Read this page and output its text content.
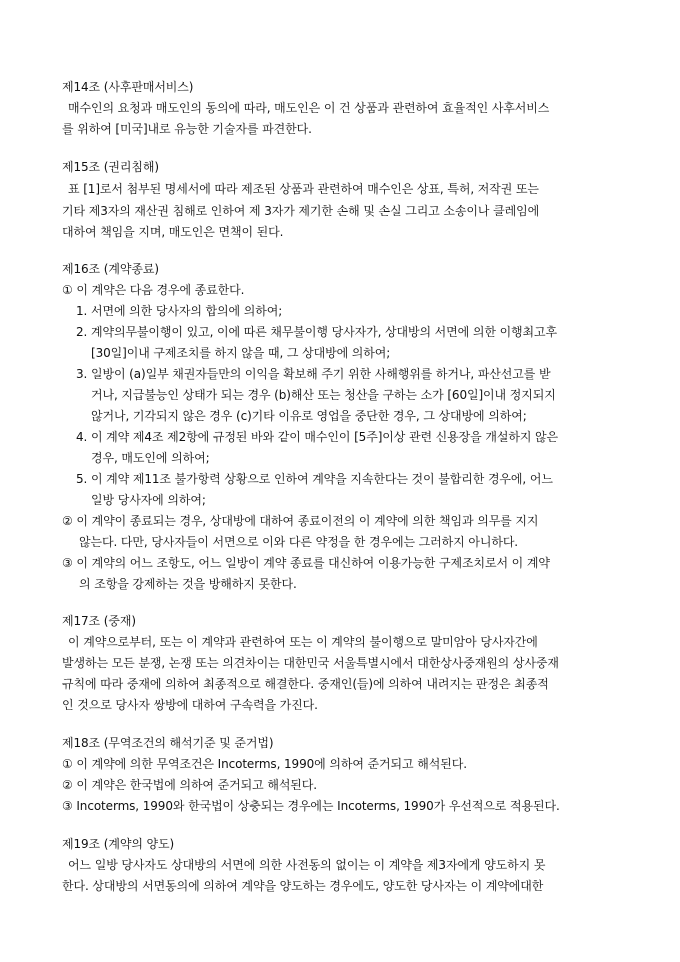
제14조 (사후판매서비스)
매수인의 요청과 매도인의 동의에 따라, 매도인은 이 건 상품과 관련하여 효율적인 사후서비스
를 위하여 [미국]내로 유능한 기술자를 파견한다.
제15조 (권리침해)
표 [1]로서 첨부된 명세서에 따라 제조된 상품과 관련하여 매수인은 상표, 특허, 저작권 또는
기타 제3자의 재산권 침해로 인하여 제 3자가 제기한 손해 및 손실 그리고 소송이나 클레임에
대하여 책임을 지며, 매도인은 면책이 된다.
제16조 (계약종료)
① 이 계약은 다음 경우에 종료한다.
1. 서면에 의한 당사자의 합의에 의하여;
2. 계약의무불이행이 있고, 이에 따른 채무불이행 당사자가, 상대방의 서면에 의한 이행최고후
[30일]이내 구제조치를 하지 않을 때, 그 상대방에 의하여;
3. 일방이 (a)일부 채권자들만의 이익을 확보해 주기 위한 사해행위를 하거나, 파산선고를 받
거나, 지급불능인 상태가 되는 경우 (b)해산 또는 청산을 구하는 소가 [60일]이내 정지되지
않거나, 기각되지 않은 경우 (c)기타 이유로 영업을 중단한 경우, 그 상대방에 의하여;
4. 이 계약 제4조 제2항에 규정된 바와 같이 매수인이 [5주]이상 관련 신용장을 개설하지 않은
경우, 매도인에 의하여;
5. 이 계약 제11조 불가항력 상황으로 인하여 계약을 지속한다는 것이 불합리한 경우에, 어느
일방 당사자에 의하여;
② 이 계약이 종료되는 경우, 상대방에 대하여 종료이전의 이 계약에 의한 책임과 의무를 지지
않는다. 다만, 당사자들이 서면으로 이와 다른 약정을 한 경우에는 그러하지 아니하다.
③ 이 계약의 어느 조항도, 어느 일방이 계약 종료를 대신하여 이용가능한 구제조치로서 이 계약
의 조항을 강제하는 것을 방해하지 못한다.
제17조 (중재)
이 계약으로부터, 또는 이 계약과 관련하여 또는 이 계약의 불이행으로 말미암아 당사자간에
발생하는 모든 분쟁, 논쟁 또는 의견차이는 대한민국 서울특별시에서 대한상사중재원의 상사중재
규칙에 따라 중재에 의하여 최종적으로 해결한다. 중재인(들)에 의하여 내려지는 판정은 최종적
인 것으로 당사자 쌍방에 대하여 구속력을 가진다.
제18조 (무역조건의 해석기준 및 준거법)
① 이 계약에 의한 무역조건은 Incoterms, 1990에 의하여 준거되고 해석된다.
② 이 계약은 한국법에 의하여 준거되고 해석된다.
③ Incoterms, 1990와 한국법이 상충되는 경우에는 Incoterms, 1990가 우선적으로 적용된다.
제19조 (계약의 양도)
어느 일방 당사자도 상대방의 서면에 의한 사전동의 없이는 이 계약을 제3자에게 양도하지 못
한다. 상대방의 서면동의에 의하여 계약을 양도하는 경우에도, 양도한 당사자는 이 계약에대한
